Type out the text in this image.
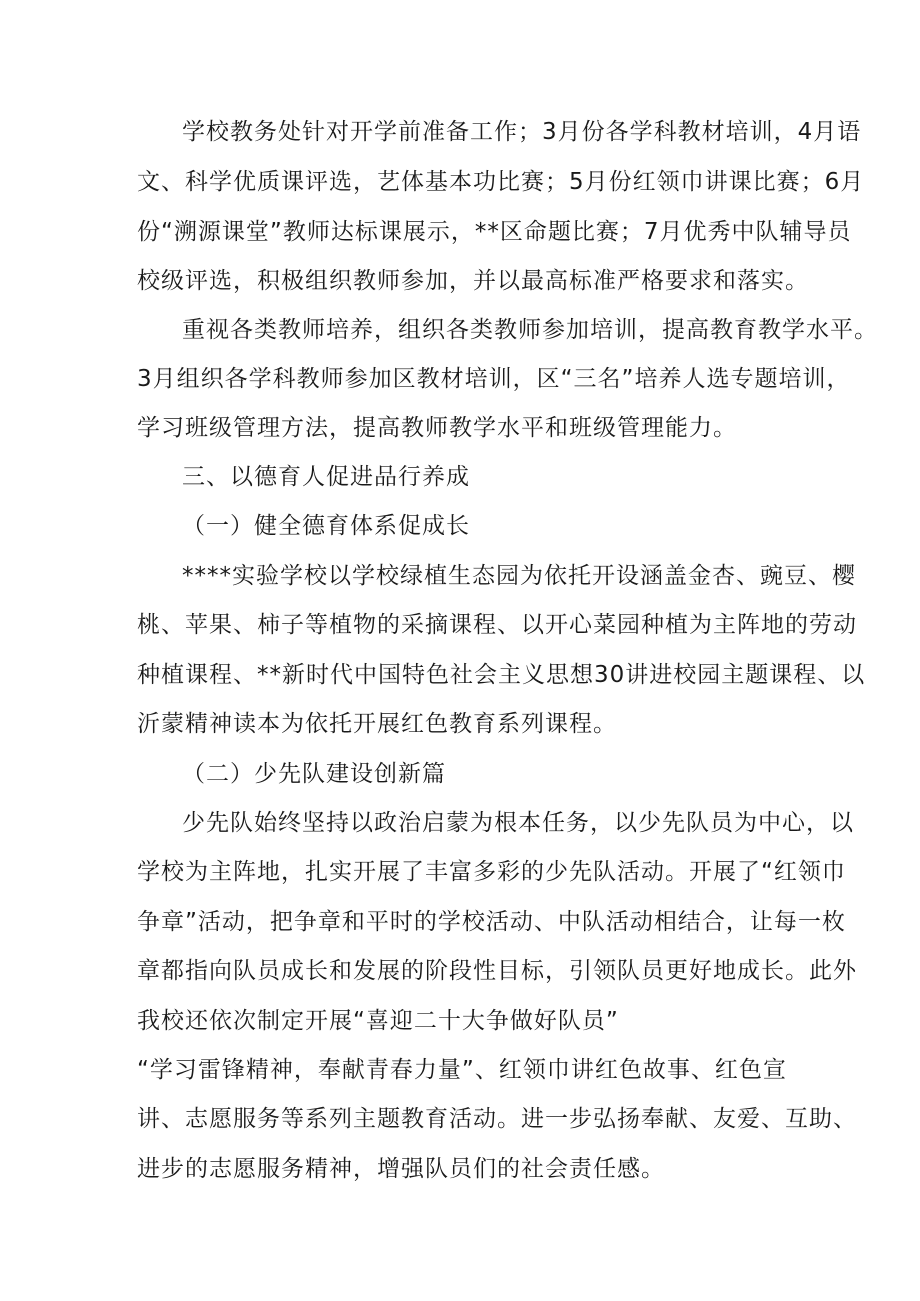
学校教务处针对开学前准备工作；3月份各学科教材培训，4月语
文、科学优质课评选，艺体基本功比赛；5月份红领巾讲课比赛；6月
份“溯源课堂”教师达标课展示，**区命题比赛；7月优秀中队辅导员
校级评选，积极组织教师参加，并以最高标准严格要求和落实。
重视各类教师培养，组织各类教师参加培训，提高教育教学水平。
3月组织各学科教师参加区教材培训，区“三名”培养人选专题培训，
学习班级管理方法，提高教师教学水平和班级管理能力。
三、以德育人促进品行养成
（一）健全德育体系促成长
****实验学校以学校绿植生态园为依托开设涵盖金杏、豌豆、樱
桃、苹果、柿子等植物的采摘课程、以开心菜园种植为主阵地的劳动
种植课程、**新时代中国特色社会主义思想30讲进校园主题课程、以
沂蒙精神读本为依托开展红色教育系列课程。
（二）少先队建设创新篇
少先队始终坚持以政治启蒙为根本任务，以少先队员为中心，以
学校为主阵地，扎实开展了丰富多彩的少先队活动。开展了“红领巾
争章”活动，把争章和平时的学校活动、中队活动相结合，让每一枚
章都指向队员成长和发展的阶段性目标，引领队员更好地成长。此外
我校还依次制定开展“喜迎二十大争做好队员”
“学习雷锋精神，奉献青春力量”、红领巾讲红色故事、红色宣
讲、志愿服务等系列主题教育活动。进一步弘扬奉献、友爱、互助、
进步的志愿服务精神，增强队员们的社会责任感。
